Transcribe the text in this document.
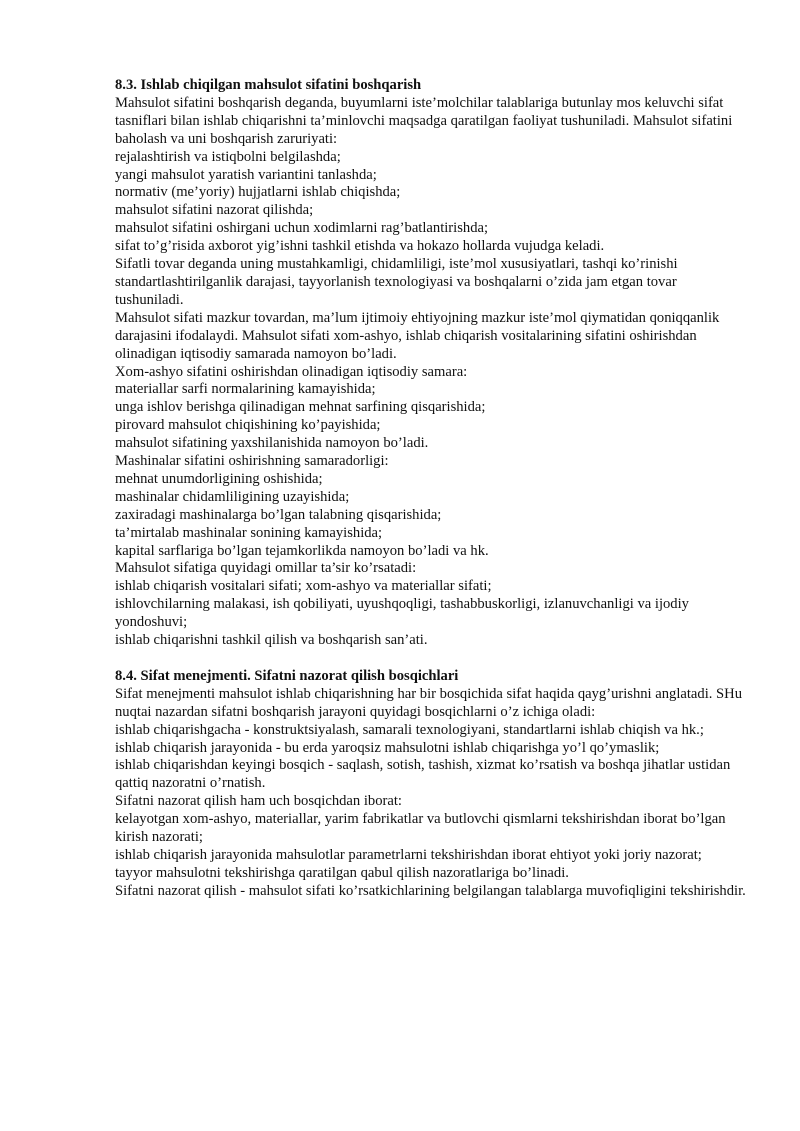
8.3. Ishlab chiqilgan mahsulot sifatini boshqarish

Mahsulot sifatini boshqarish deganda, buyumlarni iste’molchilar talablariga butunlay mos keluvchi sifat tasniflari bilan ishlab chiqarishni ta’minlovchi maqsadga qaratilgan faoliyat tushuniladi. Mahsulot sifatini baholash va uni boshqarish zaruriyati:

rejalashtirish va istiqbolni belgilashda;

yangi mahsulot yaratish variantini tanlashda;

normativ (me’yoriy) hujjatlarni ishlab chiqishda;

mahsulot sifatini nazorat qilishda;

mahsulot sifatini oshirgani uchun xodimlarni rag’batlantirishda;

sifat to’g’risida axborot yig’ishni tashkil etishda va hokazo hollarda vujudga keladi.

Sifatli tovar deganda uning mustahkamligi, chidamliligi, iste’mol xususiyatlari, tashqi ko’rinishi standartlashtirilganlik darajasi, tayyorlanish texnologiyasi va boshqalarni o’zida jam etgan tovar tushuniladi.

Mahsulot sifati mazkur tovardan, ma’lum ijtimoiy ehtiyojning mazkur iste’mol qiymatidan qoniqqanlik darajasini ifodalaydi. Mahsulot sifati xom-ashyo, ishlab chiqarish vositalarining sifatini oshirishdan olinadigan iqtisodiy samarada namoyon bo’ladi.

Xom-ashyo sifatini oshirishdan olinadigan iqtisodiy samara:

materiallar sarfi normalarining kamayishida;

unga ishlov berishga qilinadigan mehnat sarfining qisqarishida;

pirovard mahsulot chiqishining ko’payishida;

mahsulot sifatining yaxshilanishida namoyon bo’ladi.

Mashinalar sifatini oshirishning samaradorligi:

mehnat unumdorligining oshishida;

mashinalar chidamliligining uzayishida;

zaxiradagi mashinalarga bo’lgan talabning qisqarishida;

ta’mirtalab mashinalar sonining kamayishida;

kapital sarflariga bo’lgan tejamkorlikda namoyon bo’ladi va hk.

Mahsulot sifatiga quyidagi omillar ta’sir ko’rsatadi:

ishlab chiqarish vositalari sifati; xom-ashyo va materiallar sifati;

ishlovchilarning malakasi, ish qobiliyati, uyushqoqligi, tashabbuskorligi, izlanuvchanligi va ijodiy yondoshuvi;

ishlab chiqarishni tashkil qilish va boshqarish san’ati.

8.4. Sifat menejmenti. Sifatni nazorat qilish bosqichlari

Sifat menejmenti mahsulot ishlab chiqarishning har bir bosqichida sifat haqida qayg’urishni anglatadi. SHu nuqtai nazardan sifatni boshqarish jarayoni quyidagi bosqichlarni o’z ichiga oladi:

ishlab chiqarishgacha - konstruktsiyalash, samarali texnologiyani, standartlarni ishlab chiqish va hk.;

ishlab chiqarish jarayonida - bu erda yaroqsiz mahsulotni ishlab chiqarishga yo’l qo’ymaslik;

ishlab chiqarishdan keyingi bosqich - saqlash, sotish, tashish, xizmat ko’rsatish va boshqa jihatlar ustidan qattiq nazoratni o’rnatish.

Sifatni nazorat qilish ham uch bosqichdan iborat:

kelayotgan xom-ashyo, materiallar, yarim fabrikatlar va butlovchi qismlarni tekshirishdan iborat bo’lgan kirish nazorati;

ishlab chiqarish jarayonida mahsulotlar parametrlarni tekshirishdan iborat ehtiyot yoki joriy nazorat;

tayyor mahsulotni tekshirishga qaratilgan qabul qilish nazoratlariga bo’linadi.

Sifatni nazorat qilish - mahsulot sifati ko’rsatkichlarining belgilangan talablarga muvofiqligini tekshirishdir.
